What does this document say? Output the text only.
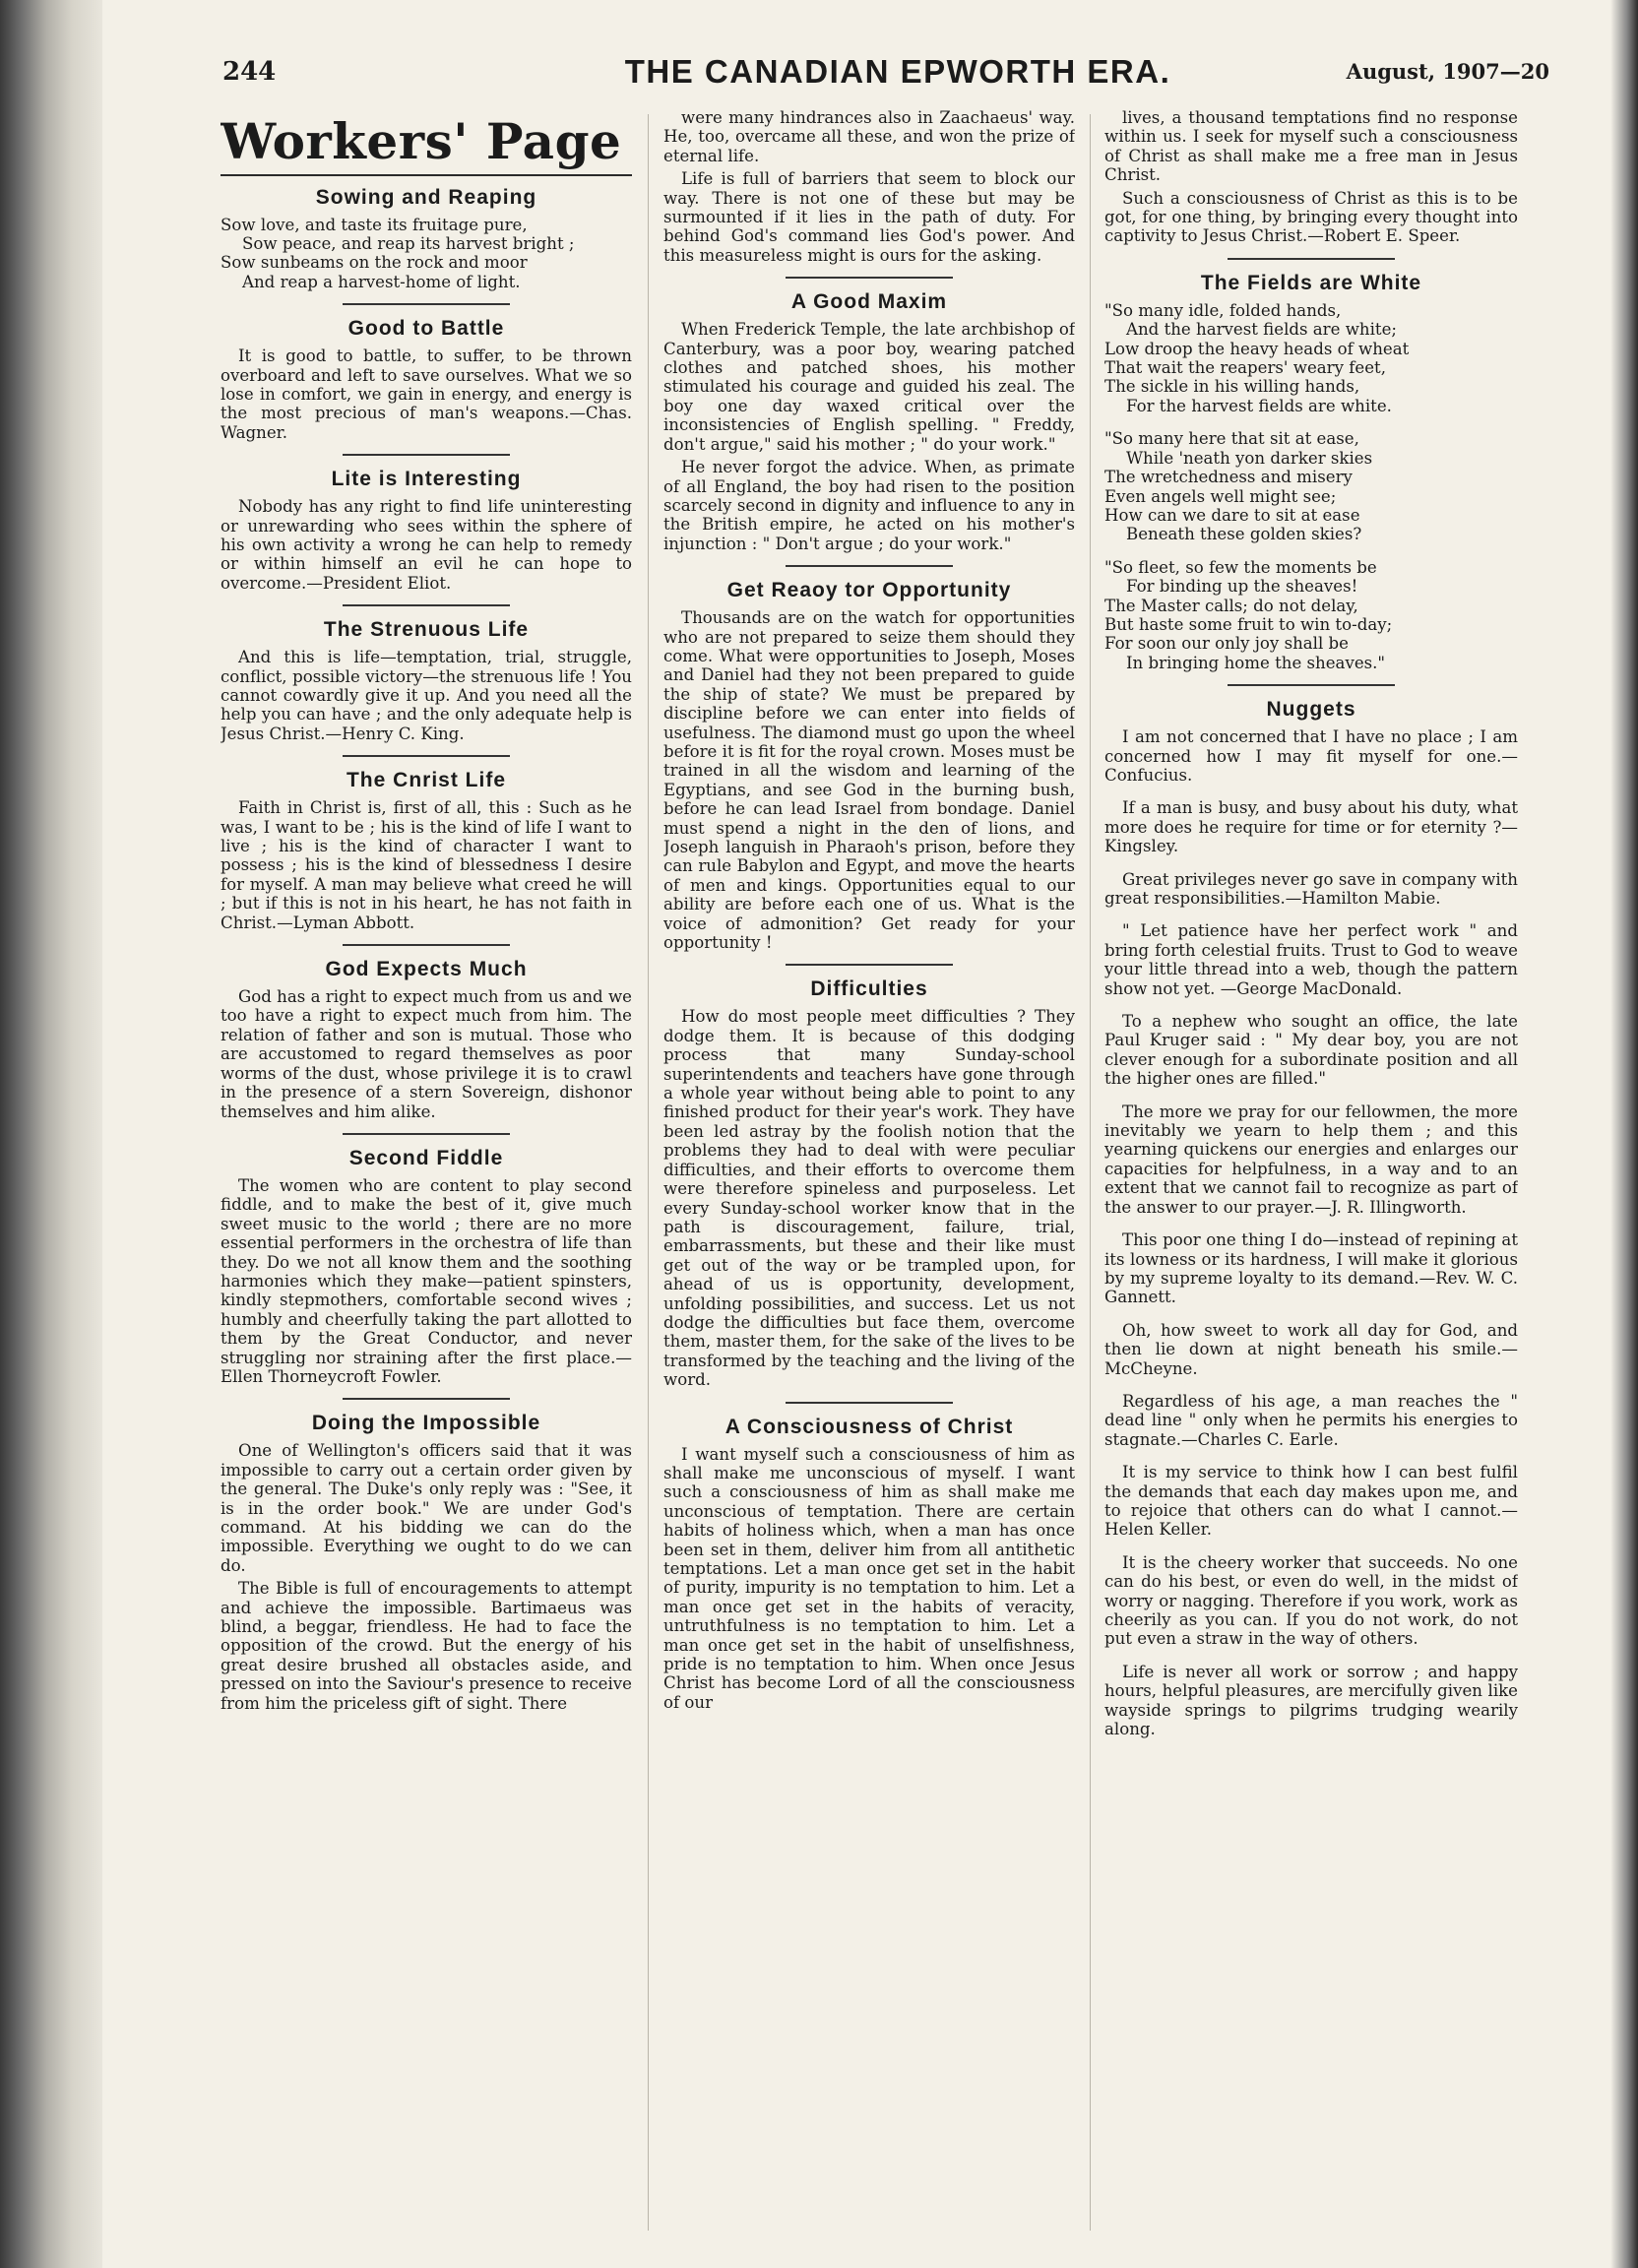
244	THE CANADIAN EPWORTH ERA.	August, 1907—20
Workers' Page
Sowing and Reaping

Sow love, and taste its fruitage pure,

Sow peace, and reap its harvest bright ;

Sow sunbeams on the rock and moor

And reap a harvest-home of light.

Good to Battle

It is good to battle, to suffer, to be thrown overboard and left to save ourselves. What we so lose in comfort, we gain in energy, and energy is the most precious of man's weapons.—Chas. Wagner.

Lite is Interesting

Nobody has any right to find life uninteresting or unrewarding who sees within the sphere of his own activity a wrong he can help to remedy or within himself an evil he can hope to overcome.—President Eliot.

The Strenuous Life

And this is life—temptation, trial, struggle, conflict, possible victory—the strenuous life ! You cannot cowardly give it up. And you need all the help you can have ; and the only adequate help is Jesus Christ.—Henry C. King.

The Cnrist Life

Faith in Christ is, first of all, this : Such as he was, I want to be ; his is the kind of life I want to live ; his is the kind of character I want to possess ; his is the kind of blessedness I desire for myself. A man may believe what creed he will ; but if this is not in his heart, he has not faith in Christ.—Lyman Abbott.

God Expects Much

God has a right to expect much from us and we too have a right to expect much from him. The relation of father and son is mutual. Those who are accustomed to regard themselves as poor worms of the dust, whose privilege it is to crawl in the presence of a stern Sovereign, dishonor themselves and him alike.

Second Fiddle

The women who are content to play second fiddle, and to make the best of it, give much sweet music to the world ; there are no more essential performers in the orchestra of life than they. Do we not all know them and the soothing harmonies which they make—patient spinsters, kindly stepmothers, comfortable second wives ; humbly and cheerfully taking the part allotted to them by the Great Conductor, and never struggling nor straining after the first place.—Ellen Thorneycroft Fowler.

Doing the Impossible

One of Wellington's officers said that it was impossible to carry out a certain order given by the general. The Duke's only reply was : "See, it is in the order book." We are under God's command. At his bidding we can do the impossible. Everything we ought to do we can do.

The Bible is full of encouragements to attempt and achieve the impossible. Bartimaeus was blind, a beggar, friendless. He had to face the opposition of the crowd. But the energy of his great desire brushed all obstacles aside, and pressed on into the Saviour's presence to receive from him the priceless gift of sight. There

were many hindrances also in Zaachaeus' way. He, too, overcame all these, and won the prize of eternal life.

Life is full of barriers that seem to block our way. There is not one of these but may be surmounted if it lies in the path of duty. For behind God's command lies God's power. And this measureless might is ours for the asking.

A Good Maxim

When Frederick Temple, the late archbishop of Canterbury, was a poor boy, wearing patched clothes and patched shoes, his mother stimulated his courage and guided his zeal. The boy one day waxed critical over the inconsistencies of English spelling. " Freddy, don't argue," said his mother ; " do your work."

He never forgot the advice. When, as primate of all England, the boy had risen to the position scarcely second in dignity and influence to any in the British empire, he acted on his mother's injunction : " Don't argue ; do your work."

Get Reaoy tor Opportunity

Thousands are on the watch for opportunities who are not prepared to seize them should they come. What were opportunities to Joseph, Moses and Daniel had they not been prepared to guide the ship of state? We must be prepared by discipline before we can enter into fields of usefulness. The diamond must go upon the wheel before it is fit for the royal crown. Moses must be trained in all the wisdom and learning of the Egyptians, and see God in the burning bush, before he can lead Israel from bondage. Daniel must spend a night in the den of lions, and Joseph languish in Pharaoh's prison, before they can rule Babylon and Egypt, and move the hearts of men and kings. Opportunities equal to our ability are before each one of us. What is the voice of admonition? Get ready for your opportunity !

Difficulties

How do most people meet difficulties ? They dodge them. It is because of this dodging process that many Sunday-school superintendents and teachers have gone through a whole year without being able to point to any finished product for their year's work. They have been led astray by the foolish notion that the problems they had to deal with were peculiar difficulties, and their efforts to overcome them were therefore spineless and purposeless. Let every Sunday-school worker know that in the path is discouragement, failure, trial, embarrassments, but these and their like must get out of the way or be trampled upon, for ahead of us is opportunity, development, unfolding possibilities, and success. Let us not dodge the difficulties but face them, overcome them, master them, for the sake of the lives to be transformed by the teaching and the living of the word.

A Consciousness of Christ

I want myself such a consciousness of him as shall make me unconscious of myself. I want such a consciousness of him as shall make me unconscious of temptation. There are certain habits of holiness which, when a man has once been set in them, deliver him from all antithetic temptations. Let a man once get set in the habit of purity, impurity is no temptation to him. Let a man once get set in the habits of veracity, untruthfulness is no temptation to him. Let a man once get set in the habit of unselfishness, pride is no temptation to him. When once Jesus Christ has become Lord of all the consciousness of our

lives, a thousand temptations find no response within us. I seek for myself such a consciousness of Christ as shall make me a free man in Jesus Christ.

Such a consciousness of Christ as this is to be got, for one thing, by bringing every thought into captivity to Jesus Christ.—Robert E. Speer.

The Fields are White

"So many idle, folded hands,

And the harvest fields are white;

Low droop the heavy heads of wheat

That wait the reapers' weary feet,

The sickle in his willing hands,

For the harvest fields are white.

"So many here that sit at ease,

While 'neath yon darker skies

The wretchedness and misery

Even angels well might see;

How can we dare to sit at ease

Beneath these golden skies?

"So fleet, so few the moments be

For binding up the sheaves!

The Master calls; do not delay,

But haste some fruit to win to-day;

For soon our only joy shall be

In bringing home the sheaves."

Nuggets

I am not concerned that I have no place ; I am concerned how I may fit myself for one.—Confucius.

If a man is busy, and busy about his duty, what more does he require for time or for eternity ?—Kingsley.

Great privileges never go save in company with great responsibilities.—Hamilton Mabie.

" Let patience have her perfect work " and bring forth celestial fruits. Trust to God to weave your little thread into a web, though the pattern show not yet. —George MacDonald.

To a nephew who sought an office, the late Paul Kruger said : " My dear boy, you are not clever enough for a subordinate position and all the higher ones are filled."

The more we pray for our fellowmen, the more inevitably we yearn to help them ; and this yearning quickens our energies and enlarges our capacities for helpfulness, in a way and to an extent that we cannot fail to recognize as part of the answer to our prayer.—J. R. Illingworth.

This poor one thing I do—instead of repining at its lowness or its hardness, I will make it glorious by my supreme loyalty to its demand.—Rev. W. C. Gannett.

Oh, how sweet to work all day for God, and then lie down at night beneath his smile.—McCheyne.

Regardless of his age, a man reaches the " dead line " only when he permits his energies to stagnate.—Charles C. Earle.

It is my service to think how I can best fulfil the demands that each day makes upon me, and to rejoice that others can do what I cannot.—Helen Keller.

It is the cheery worker that succeeds. No one can do his best, or even do well, in the midst of worry or nagging. Therefore if you work, work as cheerily as you can. If you do not work, do not put even a straw in the way of others.

Life is never all work or sorrow ; and happy hours, helpful pleasures, are mercifully given like wayside springs to pilgrims trudging wearily along.
